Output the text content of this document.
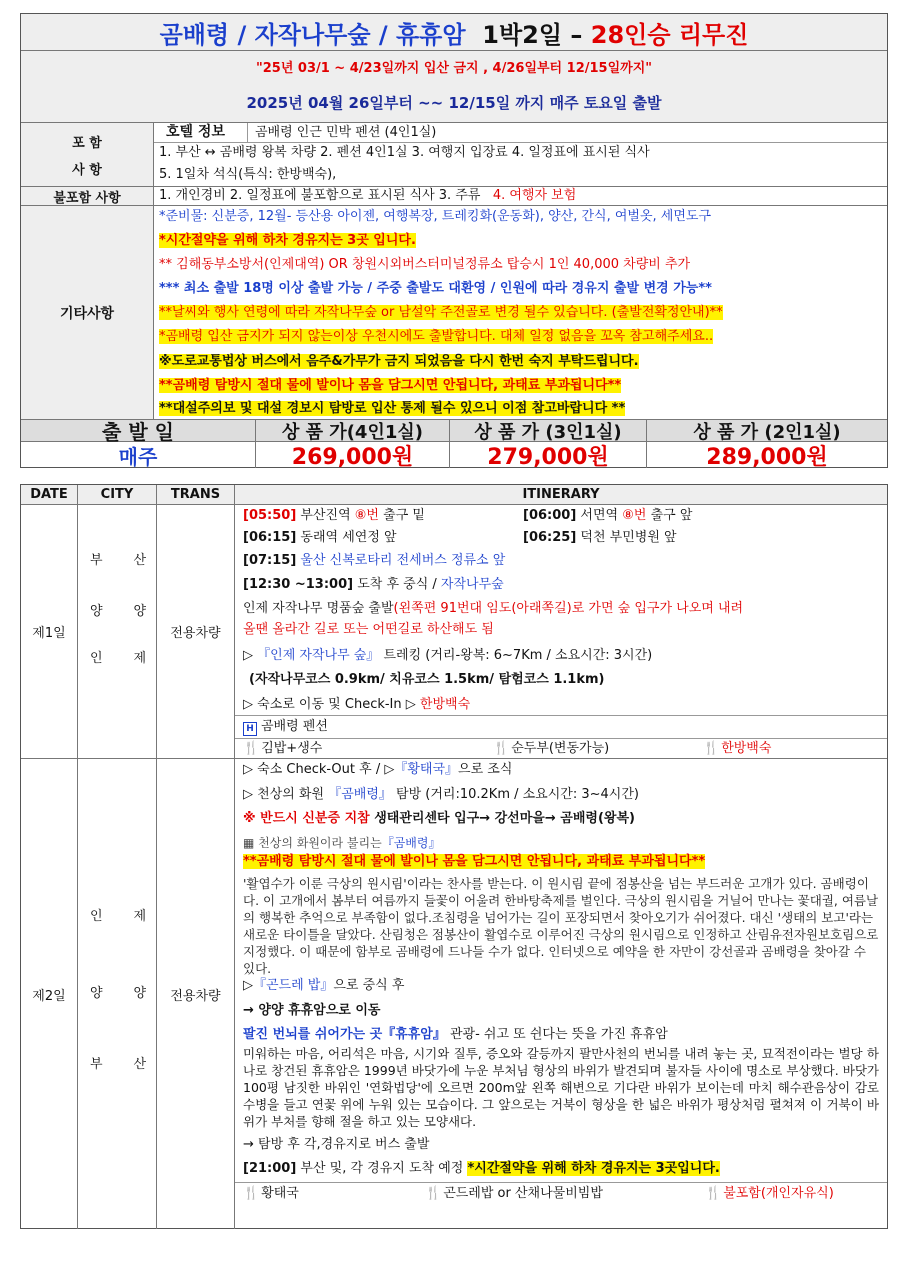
곰배령 / 자작나무숲 / 휴휴암 1박2일 – 28인승 리무진
"25년 03/1 ~ 4/23일까지 입산 금지 , 4/26일부터 12/15일까지"
2025년 04월 26일부터 ~~ 12/15일 까지 매주 토요일 출발
포 함
사 항
호텔 정보 곰배령 인근 민박 펜션 (4인1실)
1. 부산 ↔ 곰배령 왕복 차량 2. 펜션 4인1실 3. 여행지 입장료 4. 일정표에 표시된 식사
5. 1일차 석식(특식: 한방백숙),
불포함 사항	1. 개인경비 2. 일정표에 불포함으로 표시된 식사 3. 주류 4. 여행자 보험
기타사항
*준비물: 신분증, 12월- 등산용 아이젠, 여행복장, 트레킹화(운동화), 양산, 간식, 여벌옷, 세면도구
*시간절약을 위해 하차 경유지는 3곳 입니다.
** 김해동부소방서(인제대역) OR 창원시외버스터미널정류소 탑승시 1인 40,000 차량비 추가
*** 최소 출발 18명 이상 출발 가능 / 주중 출발도 대환영 / 인원에 따라 경유지 출발 변경 가능**
**날씨와 행사 연령에 따라 자작나무숲 or 남설악 주전골로 변경 될수 있습니다. (출발전확정안내)**
*곰배령 입산 금지가 되지 않는이상 우천시에도 출발합니다. 대체 일정 없음을 꼬옥 참고해주세요..
※도로교통법상 버스에서 음주&가무가 금지 되었음을 다시 한번 숙지 부탁드립니다.
**곰배령 탐방시 절대 물에 발이나 몸을 담그시면 안됩니다, 과태료 부과됩니다**
**대설주의보 및 대설 경보시 탐방로 입산 통제 될수 있으니 이점 참고바랍니다 **
출 발 일	상 품 가(4인1실)	상 품 가 (3인1실)	상 품 가 (2인1실)
매주	269,000원	279,000원	289,000원
DATE	CITY	TRANS	ITINERARY
제1일
부 산
양 양
인 제
전용차량
[05:50] 부산진역 ⑧번 출구 밑	[06:00] 서면역 ⑧번 출구 앞
[06:15] 동래역 세연정 앞	[06:25] 덕천 부민병원 앞
[07:15] 울산 신복로타리 전세버스 정류소 앞
[12:30 ~13:00] 도착 후 중식 / 자작나무숲
인제 자작나무 명품숲 출발(왼쪽편 91번대 임도(아래쪽길)로 가면 숲 입구가 나오며 내려
올땐 올라간 길로 또는 어떤길로 하산해도 됨
▷ 『인제 자작나무 숲』 트레킹 (거리-왕복: 6~7Km / 소요시간: 3시간)
(자작나무코스 0.9km/ 치유코스 1.5km/ 탐험코스 1.1km)
▷ 숙소로 이동 및 Check-In ▷ 한방백숙
H 곰배령 펜션
🍴 김밥+생수	🍴 순두부(변동가능)	🍴 한방백숙
제2일
인 제
양 양
부 산
전용차량
▷ 숙소 Check-Out 후 / ▷『황태국』으로 조식
▷ 천상의 화원 『곰배령』 탐방 (거리:10.2Km / 소요시간: 3~4시간)
※ 반드시 신분증 지참 생태관리센타 입구→ 강선마을→ 곰배령(왕복)
▦ 천상의 화원이라 불리는『곰배령』
**곰배령 탐방시 절대 물에 발이나 몸을 담그시면 안됩니다, 과태료 부과됩니다**
'활엽수가 이룬 극상의 원시림'이라는 찬사를 받는다. 이 원시림 끝에 점봉산을 넘는 부드러운 고개가 있다. 곰배령이다. 이 고개에서 봄부터 여름까지 들꽃이 어울려 한바탕축제를 벌인다. 극상의 원시림을 거닐어 만나는 꽃대궐, 여름날의 행복한 추억으로 부족함이 없다.조침령을 넘어가는 길이 포장되면서 찾아오기가 쉬어졌다. 대신 '생태의 보고'라는 새로운 타이틀을 달았다. 산림청은 점봉산이 활엽수로 이루어진 극상의 원시림으로 인정하고 산림유전자원보호림으로 지정했다. 이 때문에 함부로 곰배령에 드나들 수가 없다. 인터넷으로 예약을 한 자만이 강선골과 곰배령을 찾아갈 수 있다.
▷『곤드레 밥』으로 중식 후
→ 양양 휴휴암으로 이동
팔진 번뇌를 쉬어가는 곳『휴휴암』 관광- 쉬고 또 쉰다는 뜻을 가진 휴휴암
미워하는 마음, 어리석은 마음, 시기와 질투, 증오와 갈등까지 팔만사천의 번뇌를 내려 놓는 곳, 묘적전이라는 벌당 하나로 창건된 휴휴암은 1999년 바닷가에 누운 부처님 형상의 바위가 발견되며 불자들 사이에 명소로 부상했다. 바닷가 100평 남짓한 바위인 '연화법당'에 오르면 200m앞 왼쪽 해변으로 기다란 바위가 보이는데 마치 해수관음상이 감로수병을 들고 연꽃 위에 누워 있는 모습이다. 그 앞으로는 거북이 형상을 한 넓은 바위가 평상처럼 펼쳐져 이 거북이 바위가 부처를 향해 절을 하고 있는 모양새다.
→ 탐방 후 각,경유지로 버스 출발
[21:00] 부산 및, 각 경유지 도착 예정 *시간절약을 위해 하차 경유지는 3곳입니다.
🍴 황태국	🍴 곤드레밥 or 산채나물비빔밥	🍴 불포함(개인자유식)
